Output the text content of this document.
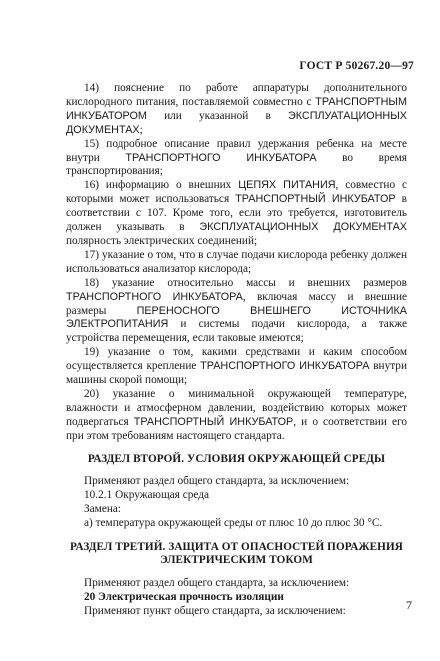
ГОСТ Р 50267.20—97

14) пояснение по работе аппаратуры дополнительного кислородного питания, поставляемой совместно с ТРАНСПОРТНЫМ ИНКУБАТОРОМ или указанной в ЭКСПЛУАТАЦИОННЫХ ДОКУМЕНТАХ;

15) подробное описание правил удержания ребенка на месте внутри ТРАНСПОРТНОГО ИНКУБАТОРА во время транспортирования;

16) информацию о внешних ЦЕПЯХ ПИТАНИЯ, совместно с которыми может использоваться ТРАНСПОРТНЫЙ ИНКУБАТОР в соответствии с 107. Кроме того, если это требуется, изготовитель должен указывать в ЭКСПЛУАТАЦИОННЫХ ДОКУМЕНТАХ полярность электрических соединений;

17) указание о том, что в случае подачи кислорода ребенку должен использоваться анализатор кислорода;

18) указание относительно массы и внешних размеров ТРАНСПОРТНОГО ИНКУБАТОРА, включая массу и внешние размеры ПЕРЕНОСНОГО ВНЕШНЕГО ИСТОЧНИКА ЭЛЕКТРОПИТАНИЯ и системы подачи кислорода, а также устройства перемещения, если таковые имеются;

19) указание о том, какими средствами и каким способом осуществляется крепление ТРАНСПОРТНОГО ИНКУБАТОРА внутри машины скорой помощи;

20) указание о минимальной окружающей температуре, влажности и атмосферном давлении, воздействию которых может подвергаться ТРАНСПОРТНЫЙ ИНКУБАТОР, и о соответствии его при этом требованиям настоящего стандарта.

РАЗДЕЛ ВТОРОЙ. УСЛОВИЯ ОКРУЖАЮЩЕЙ СРЕДЫ

Применяют раздел общего стандарта, за исключением:

10.2.1 Окружающая среда

Замена:

а) температура окружающей среды от плюс 10 до плюс 30 °С.

РАЗДЕЛ ТРЕТИЙ. ЗАЩИТА ОТ ОПАСНОСТЕЙ ПОРАЖЕНИЯ
ЭЛЕКТРИЧЕСКИМ ТОКОМ

Применяют раздел общего стандарта, за исключением:

20 Электрическая прочность изоляции

Применяют пункт общего стандарта, за исключением:	7
